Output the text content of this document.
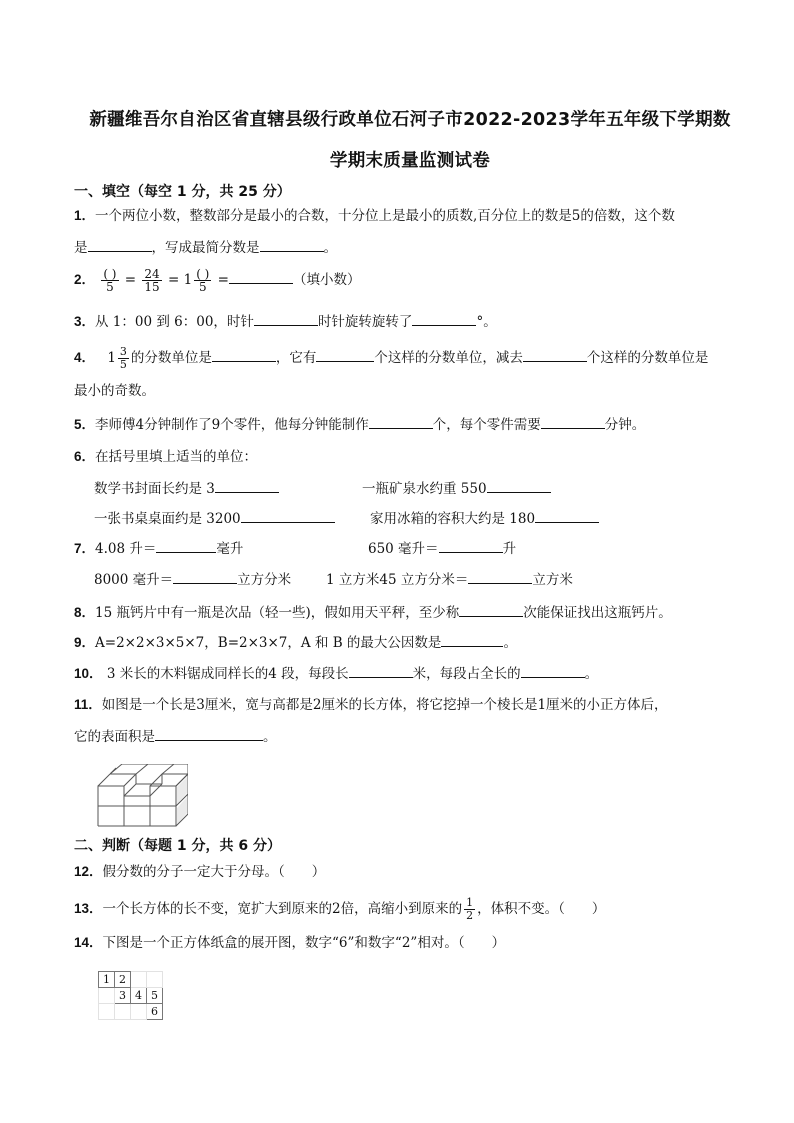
新疆维吾尔自治区省直辖县级行政单位石河子市2022-2023学年五年级下学期数
学期末质量监测试卷
一、填空（每空 1 分，共 25 分）
1．一个两位小数，整数部分是最小的合数，十分位上是最小的质数,百分位上的数是5的倍数，这个数
是	，写成最简分数是	。
2． $\frac{( )}{5} = \frac{24}{15} = 1 \frac{( )}{5}$ =	（填小数）
3．从 1：00 到 6：00，时针	时针旋转旋转了	°。
4． $1 \frac{3}{5}$ 的分数单位是	，它有	个这样的分数单位，减去	个这样的分数单位是
最小的奇数。
5．李师傅4分钟制作了9个零件，他每分钟能制作	个，每个零件需要	分钟。
6．在括号里填上适当的单位：
数学书封面长约是 3	一瓶矿泉水约重 550
一张书桌桌面约是 3200	家用冰箱的容积大约是 180
7．4.08 升＝	毫升	650 毫升＝	升
8000 毫升＝	立方分米	1 立方米45 立方分米＝	立方米
8．15 瓶钙片中有一瓶是次品（轻一些)，假如用天平秤，至少称	次能保证找出这瓶钙片。
9．A=2×2×3×5×7，B=2×3×7，A 和 B 的最大公因数是	。
10． 3 米长的木料锯成同样长的4 段，每段长	米，每段占全长的	。
11．如图是一个长是3厘米，宽与高都是2厘米的长方体，将它挖掉一个棱长是1厘米的小正方体后，
它的表面积是	。
二、判断（每题 1 分，共 6 分）
12．假分数的分子一定大于分母。（　　）
13．一个长方体的长不变，宽扩大到原来的2倍，高缩小到原来的 $\frac{1}{2}$ ，体积不变。（　　）
14．下图是一个正方体纸盒的展开图，数字“6”和数字“2”相对。（　　）
1	2		
	3	4	5
			6
